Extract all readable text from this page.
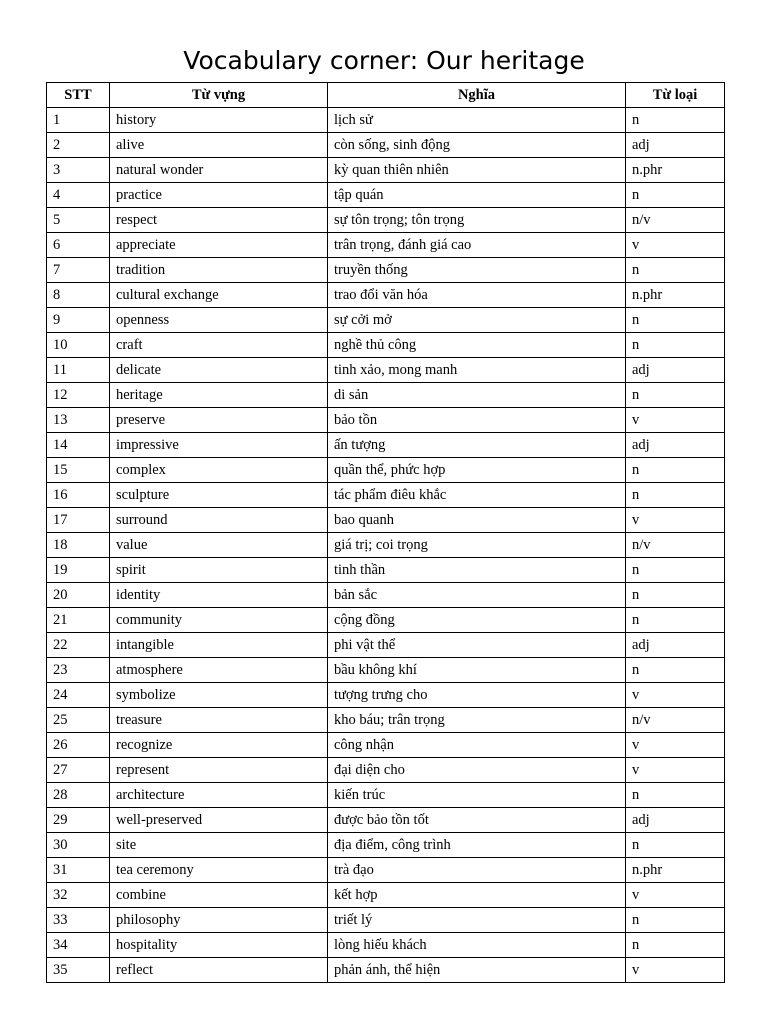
Vocabulary corner: Our heritage
STT	Từ vựng	Nghĩa	Từ loại
1	history	lịch sử	n
2	alive	còn sống, sinh động	adj
3	natural wonder	kỳ quan thiên nhiên	n.phr
4	practice	tập quán	n
5	respect	sự tôn trọng; tôn trọng	n/v
6	appreciate	trân trọng, đánh giá cao	v
7	tradition	truyền thống	n
8	cultural exchange	trao đổi văn hóa	n.phr
9	openness	sự cởi mở	n
10	craft	nghề thủ công	n
11	delicate	tinh xảo, mong manh	adj
12	heritage	di sản	n
13	preserve	bảo tồn	v
14	impressive	ấn tượng	adj
15	complex	quần thể, phức hợp	n
16	sculpture	tác phẩm điêu khắc	n
17	surround	bao quanh	v
18	value	giá trị; coi trọng	n/v
19	spirit	tinh thần	n
20	identity	bản sắc	n
21	community	cộng đồng	n
22	intangible	phi vật thể	adj
23	atmosphere	bầu không khí	n
24	symbolize	tượng trưng cho	v
25	treasure	kho báu; trân trọng	n/v
26	recognize	công nhận	v
27	represent	đại diện cho	v
28	architecture	kiến trúc	n
29	well-preserved	được bảo tồn tốt	adj
30	site	địa điểm, công trình	n
31	tea ceremony	trà đạo	n.phr
32	combine	kết hợp	v
33	philosophy	triết lý	n
34	hospitality	lòng hiếu khách	n
35	reflect	phản ánh, thể hiện	v
